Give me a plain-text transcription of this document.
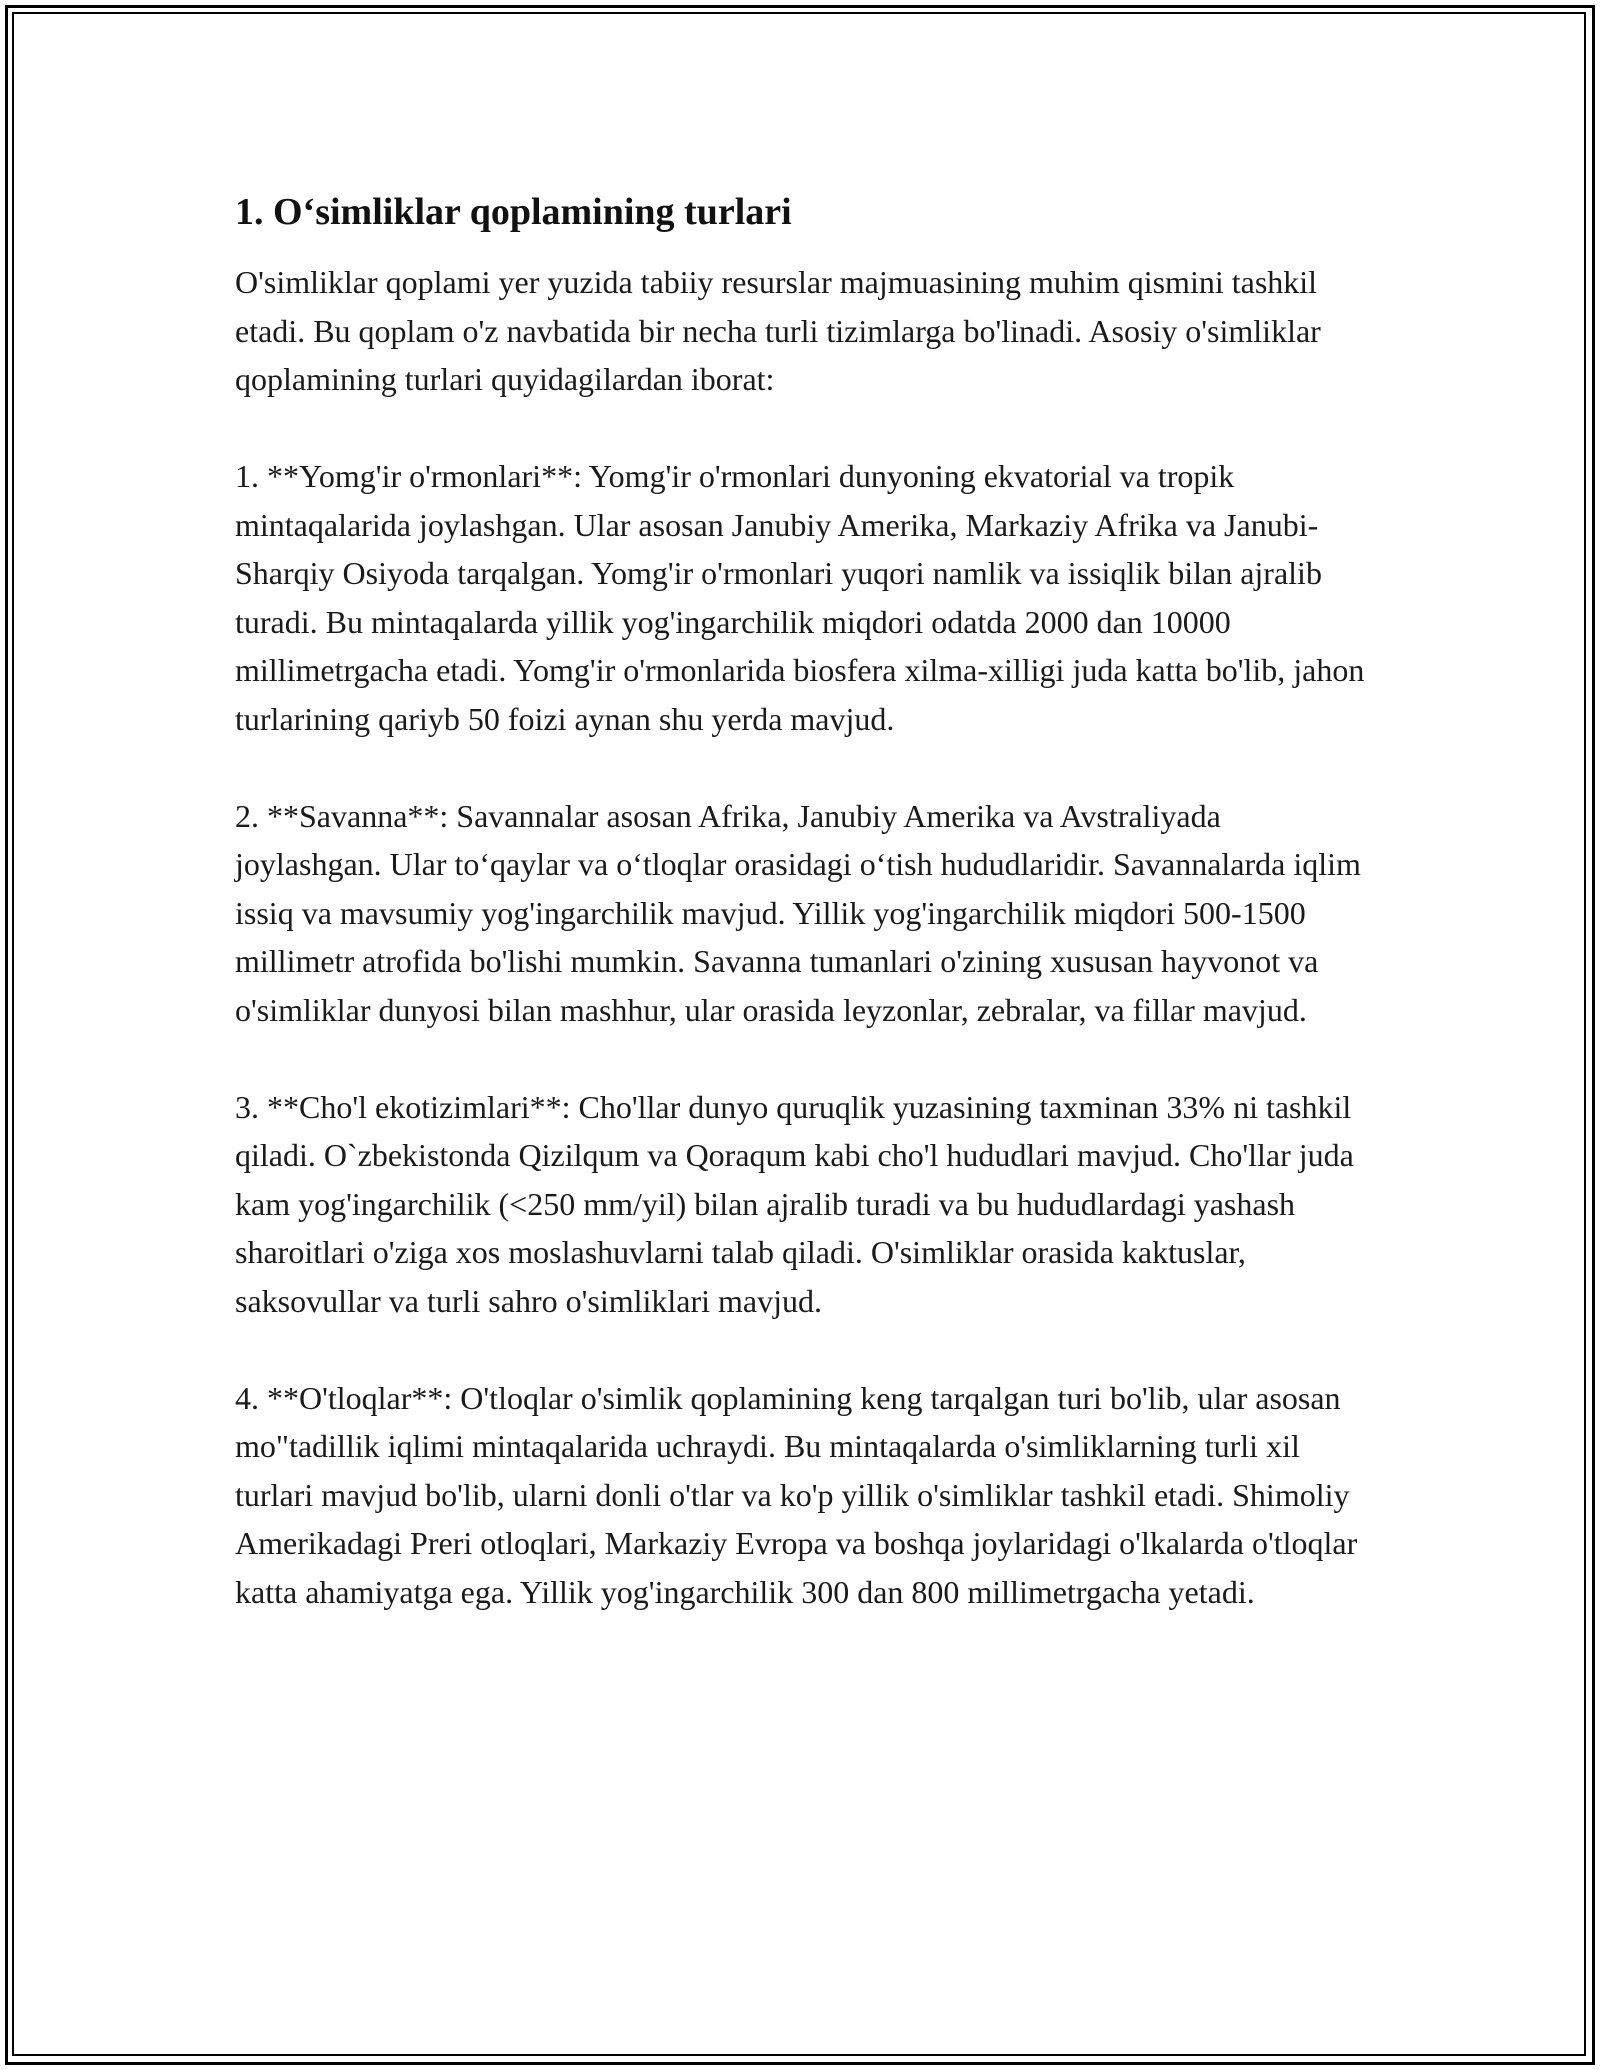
1. O‘simliklar qoplamining turlari

O'simliklar qoplami yer yuzida tabiiy resurslar majmuasining muhim qismini tashkil etadi. Bu qoplam o'z navbatida bir necha turli tizimlarga bo'linadi. Asosiy o'simliklar qoplamining turlari quyidagilardan iborat:

1. **Yomg'ir o'rmonlari**: Yomg'ir o'rmonlari dunyoning ekvatorial va tropik mintaqalarida joylashgan. Ular asosan Janubiy Amerika, Markaziy Afrika va Janubi-Sharqiy Osiyoda tarqalgan. Yomg'ir o'rmonlari yuqori namlik va issiqlik bilan ajralib turadi. Bu mintaqalarda yillik yog'ingarchilik miqdori odatda 2000 dan 10000 millimetrgacha etadi. Yomg'ir o'rmonlarida biosfera xilma-xilligi juda katta bo'lib, jahon turlarining qariyb 50 foizi aynan shu yerda mavjud.

2. **Savanna**: Savannalar asosan Afrika, Janubiy Amerika va Avstraliyada joylashgan. Ular to‘qaylar va o‘tloqlar orasidagi o‘tish hududlaridir. Savannalarda iqlim issiq va mavsumiy yog'ingarchilik mavjud. Yillik yog'ingarchilik miqdori 500-1500 millimetr atrofida bo'lishi mumkin. Savanna tumanlari o'zining xususan hayvonot va o'simliklar dunyosi bilan mashhur, ular orasida leyzonlar, zebralar, va fillar mavjud.

3. **Cho'l ekotizimlari**: Cho'llar dunyo quruqlik yuzasining taxminan 33% ni tashkil qiladi. O`zbekistonda Qizilqum va Qoraqum kabi cho'l hududlari mavjud. Cho'llar juda kam yog'ingarchilik (<250 mm/yil) bilan ajralib turadi va bu hududlardagi yashash sharoitlari o'ziga xos moslashuvlarni talab qiladi. O'simliklar orasida kaktuslar, saksovullar va turli sahro o'simliklari mavjud.

4. **O'tloqlar**: O'tloqlar o'simlik qoplamining keng tarqalgan turi bo'lib, ular asosan mo"tadillik iqlimi mintaqalarida uchraydi. Bu mintaqalarda o'simliklarning turli xil turlari mavjud bo'lib, ularni donli o'tlar va ko'p yillik o'simliklar tashkil etadi. Shimoliy Amerikadagi Preri otloqlari, Markaziy Evropa va boshqa joylaridagi o'lkalarda o'tloqlar katta ahamiyatga ega. Yillik yog'ingarchilik 300 dan 800 millimetrgacha yetadi.
